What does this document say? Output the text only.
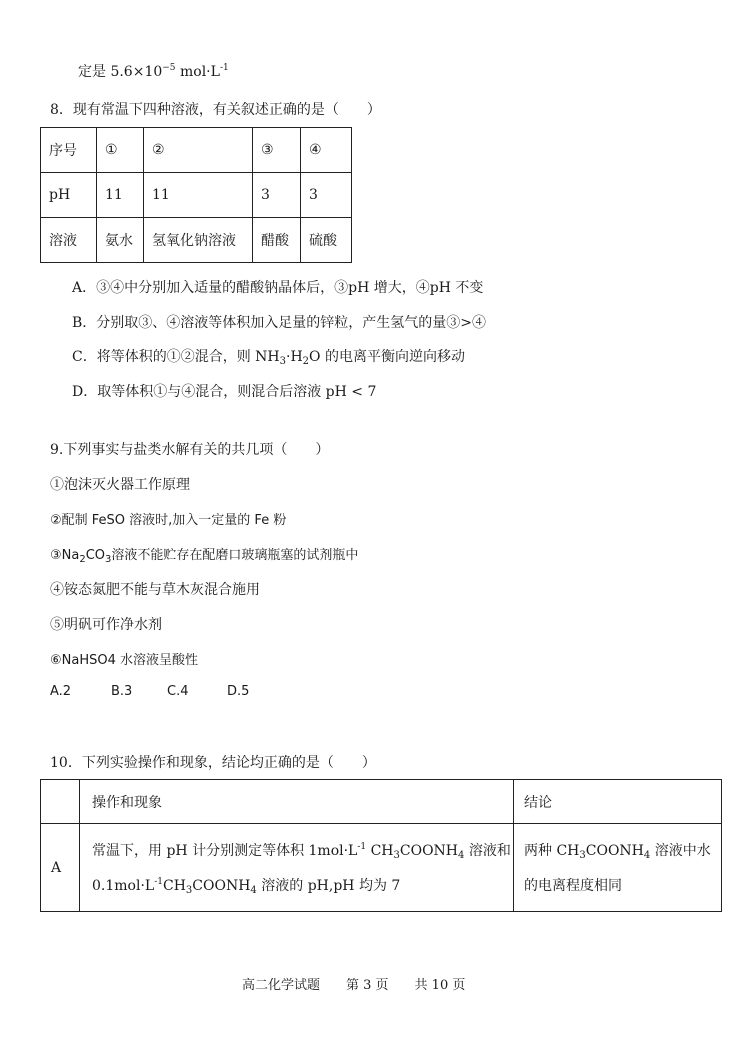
定是 $5.6\times 10^{-5}$ $mol\cdot L^{-1}$
8．现有常温下四种溶液，有关叙述正确的是（　　）
序号	①	②	③	④
pH	11	11	3	3
溶液	氨水	氢氧化钠溶液	醋酸	硫酸
A．③④中分别加入适量的醋酸钠晶体后，③pH 增大，④pH 不变
B．分别取③、④溶液等体积加入足量的锌粒，产生氢气的量③>④
C．将等体积的①②混合，则 $NH_3\cdot H_2O$ 的电离平衡向逆向移动
D．取等体积①与④混合，则混合后溶液 pH < 7
9.下列事实与盐类水解有关的共几项（　　）
①泡沫灭火器工作原理
②配制 FeSO 溶液时,加入一定量的 Fe 粉
$③Na_2CO_3$溶液不能贮存在配磨口玻璃瓶塞的试剂瓶中
④铵态氮肥不能与草木灰混合施用
⑤明矾可作净水剂
⑥NaHSO4 水溶液呈酸性
A.2	B.3	C.4	D.5
10．下列实验操作和现象，结论均正确的是（　　）
	操作和现象	结论
A	常温下，用 pH 计分别测定等体积 $1mol\cdot L^{-1}$ $CH_3COONH_4$ 溶液和
$0.1mol\cdot L^{-1}CH_3COONH_4$ 溶液的 pH,pH 均为 7	两种 $CH_3COONH_4$ 溶液中水
的电离程度相同
高二化学试题　　第 3 页　　共 10 页
